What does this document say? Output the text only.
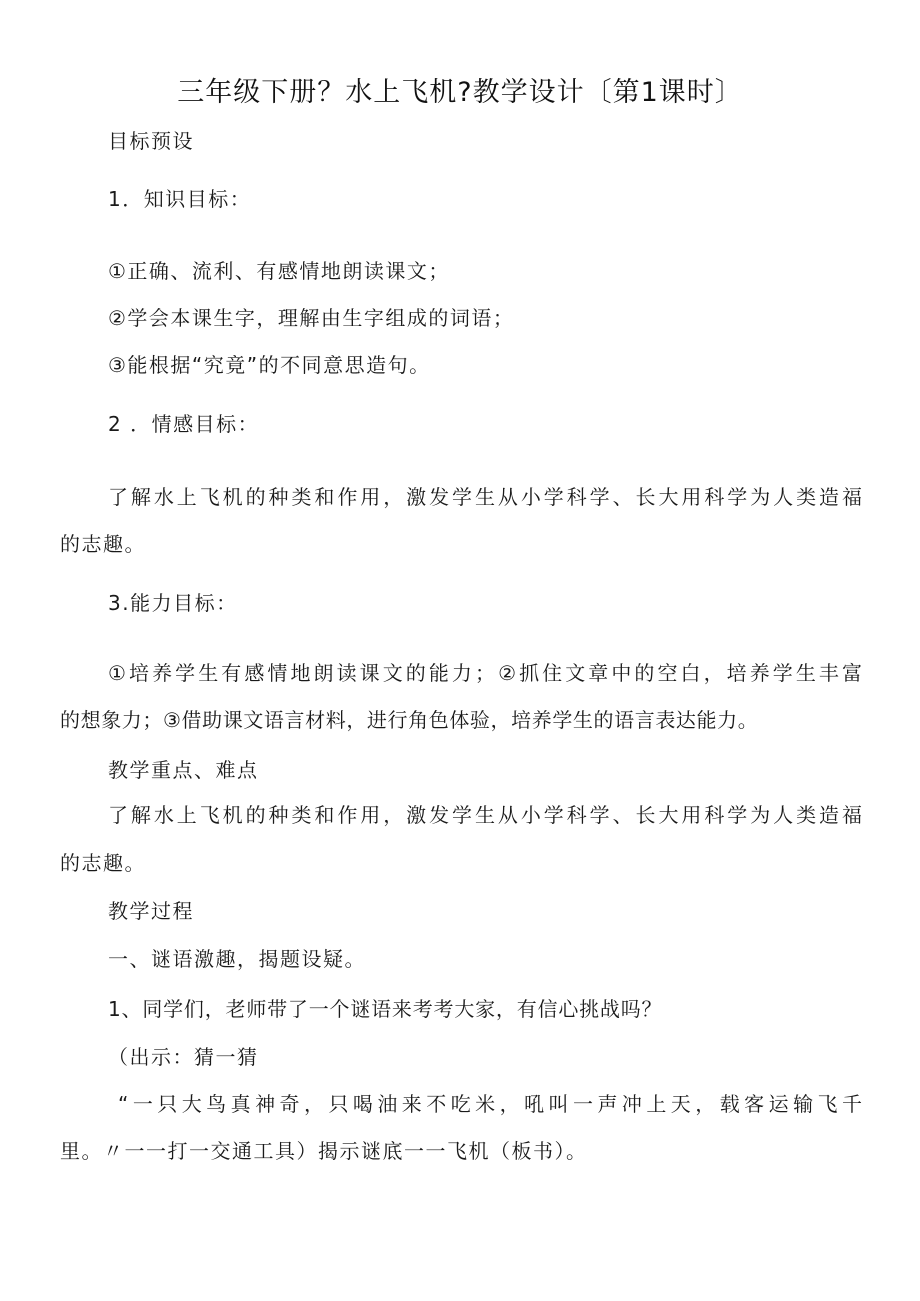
三年级下册？水上飞机?教学设计〔第1课时〕
目标预设
1．知识目标：
①正确、流利、有感情地朗读课文；
②学会本课生字，理解由生字组成的词语；
③能根据“究竟”的不同意思造句。
2 ．情感目标：
了解水上飞机的种类和作用，激发学生从小学科学、长大用科学为人类造福
的志趣。
3.能力目标：
①培养学生有感情地朗读课文的能力；②抓住文章中的空白，培养学生丰富
的想象力；③借助课文语言材料，进行角色体验，培养学生的语言表达能力。
教学重点、难点
了解水上飞机的种类和作用，激发学生从小学科学、长大用科学为人类造福
的志趣。
教学过程
一、谜语激趣，揭题设疑。
1、同学们，老师带了一个谜语来考考大家，有信心挑战吗？
（出示：猜一猜
“一只大鸟真神奇，只喝油来不吃米，吼叫一声冲上天，载客运输飞千
里。〃一一打一交通工具）揭示谜底一一飞机（板书）。
